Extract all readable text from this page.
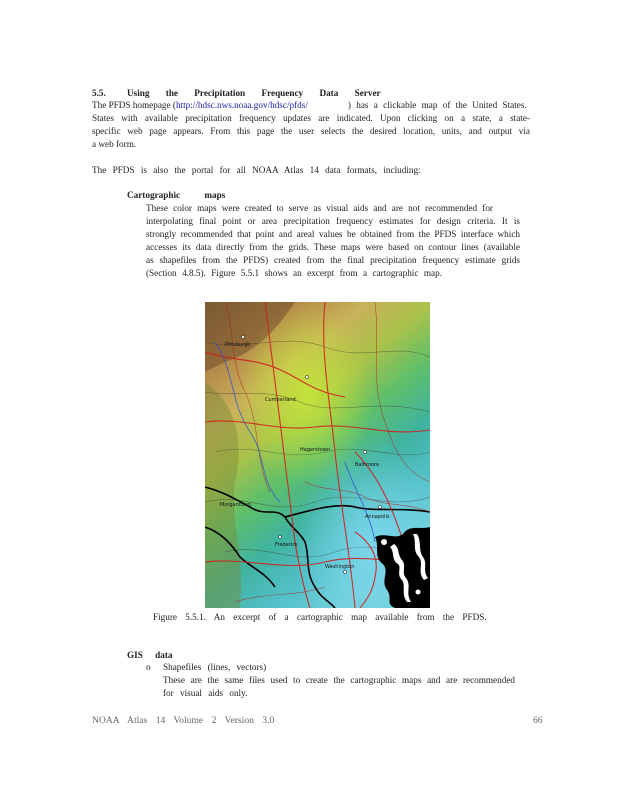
5.5. Using the Precipitation Frequency Data Server
The PFDS homepage (http://hdsc.nws.noaa.gov/hdsc/pfds/	) has a clickable map of the United States.
States with available precipitation frequency updates are indicated. Upon clicking on a state, a state-
specific web page appears. From this page the user selects the desired location, units, and output via
a web form.
The PFDS is also the portal for all NOAA Atlas 14 data formats, including:
Cartographic maps
These color maps were created to serve as visual aids and are not recommended for
interpolating final point or area precipitation frequency estimates for design criteria. It is
strongly recommended that point and areal values be obtained from the PFDS interface which
accesses its data directly from the grids. These maps were based on contour lines (available
as shapefiles from the PFDS) created from the final precipitation frequency estimate grids
(Section 4.8.5). Figure 5.5.1 shows an excerpt from a cartographic map.
Pittsburgh
Cumberland
Hagerstown
Baltimore
Washington
Annapolis
Morgantown
Frederick
Figure 5.5.1. An excerpt of a cartographic map available from the PFDS.
GIS data
o Shapefiles (lines, vectors)
These are the same files used to create the cartographic maps and are recommended
for visual aids only.
NOAA Atlas 14 Volume 2 Version 3.0	66
